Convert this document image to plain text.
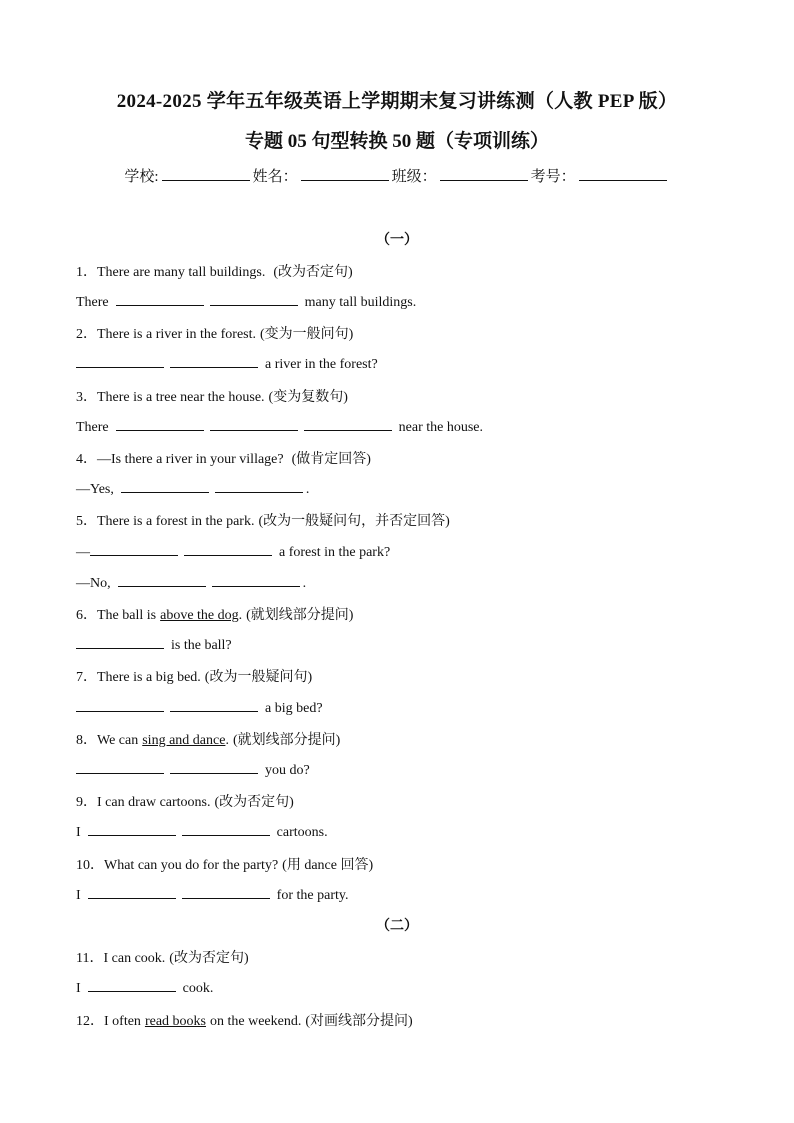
2024-2025 学年五年级英语上学期期末复习讲练测（人教 PEP 版）
专题 05 句型转换 50 题（专项训练）
学校:	姓名：	班级：	考号：
（一）
1．There are many tall buildings. (改为否定句)
There	many tall buildings.
2．There is a river in the forest. (变为一般问句)
a river in the forest?
3．There is a tree near the house. (变为复数句)
There	near the house.
4．—Is there a river in your village? (做肯定回答)
—Yes,	.
5．There is a forest in the park. (改为一般疑问句，并否定回答)
—	a forest in the park?
—No,	.
6．The ball is above the dog. (就划线部分提问)
is the ball?
7．There is a big bed. (改为一般疑问句)
a big bed?
8．We can sing and dance. (就划线部分提问)
you do?
9．I can draw cartoons. (改为否定句)
I	cartoons.
10．What can you do for the party? (用 dance 回答)
I	for the party.
（二）
11．I can cook. (改为否定句)
I	cook.
12．I often read books on the weekend. (对画线部分提问)
